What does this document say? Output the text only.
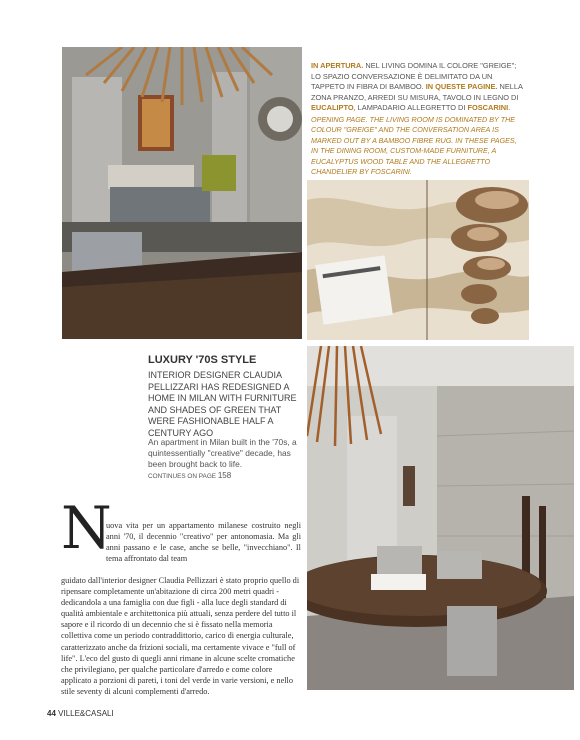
IN APERTURA. NEL LIVING DOMINA IL COLORE "GREIGE"; LO SPAZIO CONVERSAZIONE È DELIMITATO DA UN TAPPETO IN FIBRA DI BAMBOO. IN QUESTE PAGINE. NELLA ZONA PRANZO, ARREDI SU MISURA, TAVOLO IN LEGNO DI EUCALIPTO, LAMPADARIO ALLEGRETTO DI FOSCARINI.

OPENING PAGE. THE LIVING ROOM IS DOMINATED BY THE COLOUR "GREIGE" AND THE CONVERSATION AREA IS MARKED OUT BY A BAMBOO FIBRE RUG. IN THESE PAGES, IN THE DINING ROOM, CUSTOM-MADE FURNITURE, A EUCALYPTUS WOOD TABLE AND THE ALLEGRETTO CHANDELIER BY FOSCARINI.

LUXURY '70S STYLE

INTERIOR DESIGNER CLAUDIA PELLIZZARI HAS REDESIGNED A HOME IN MILAN WITH FURNITURE AND SHADES OF GREEN THAT WERE FASHIONABLE HALF A CENTURY AGO

An apartment in Milan built in the '70s, a quintessentially "creative" decade, has been brought back to life.

CONTINUES ON PAGE 158
N

uova vita per un appartamento milanese costruito negli anni '70, il decennio "creativo" per antonomasia. Ma gli anni passano e le case, anche se belle, "invecchiano". Il tema affrontato dal team

guidato dall'interior designer Claudia Pellizzari è stato proprio quello di ripensare completamente un'abitazione di circa 200 metri quadri - dedicandola a una famiglia con due figli - alla luce degli standard di qualità ambientale e architettonica più attuali, senza perdere del tutto il sapore e il ricordo di un decennio che si è fissato nella memoria collettiva come un periodo contraddittorio, carico di energia culturale, caratterizzato anche da frizioni sociali, ma certamente vivace e "full of life". L'eco del gusto di quegli anni rimane in alcune scelte cromatiche che privilegiano, per qualche particolare d'arredo e come colore applicato a porzioni di pareti, i toni del verde in varie versioni, e nello stile seventy di alcuni complementi d'arredo.

44 VILLE&CASALI
